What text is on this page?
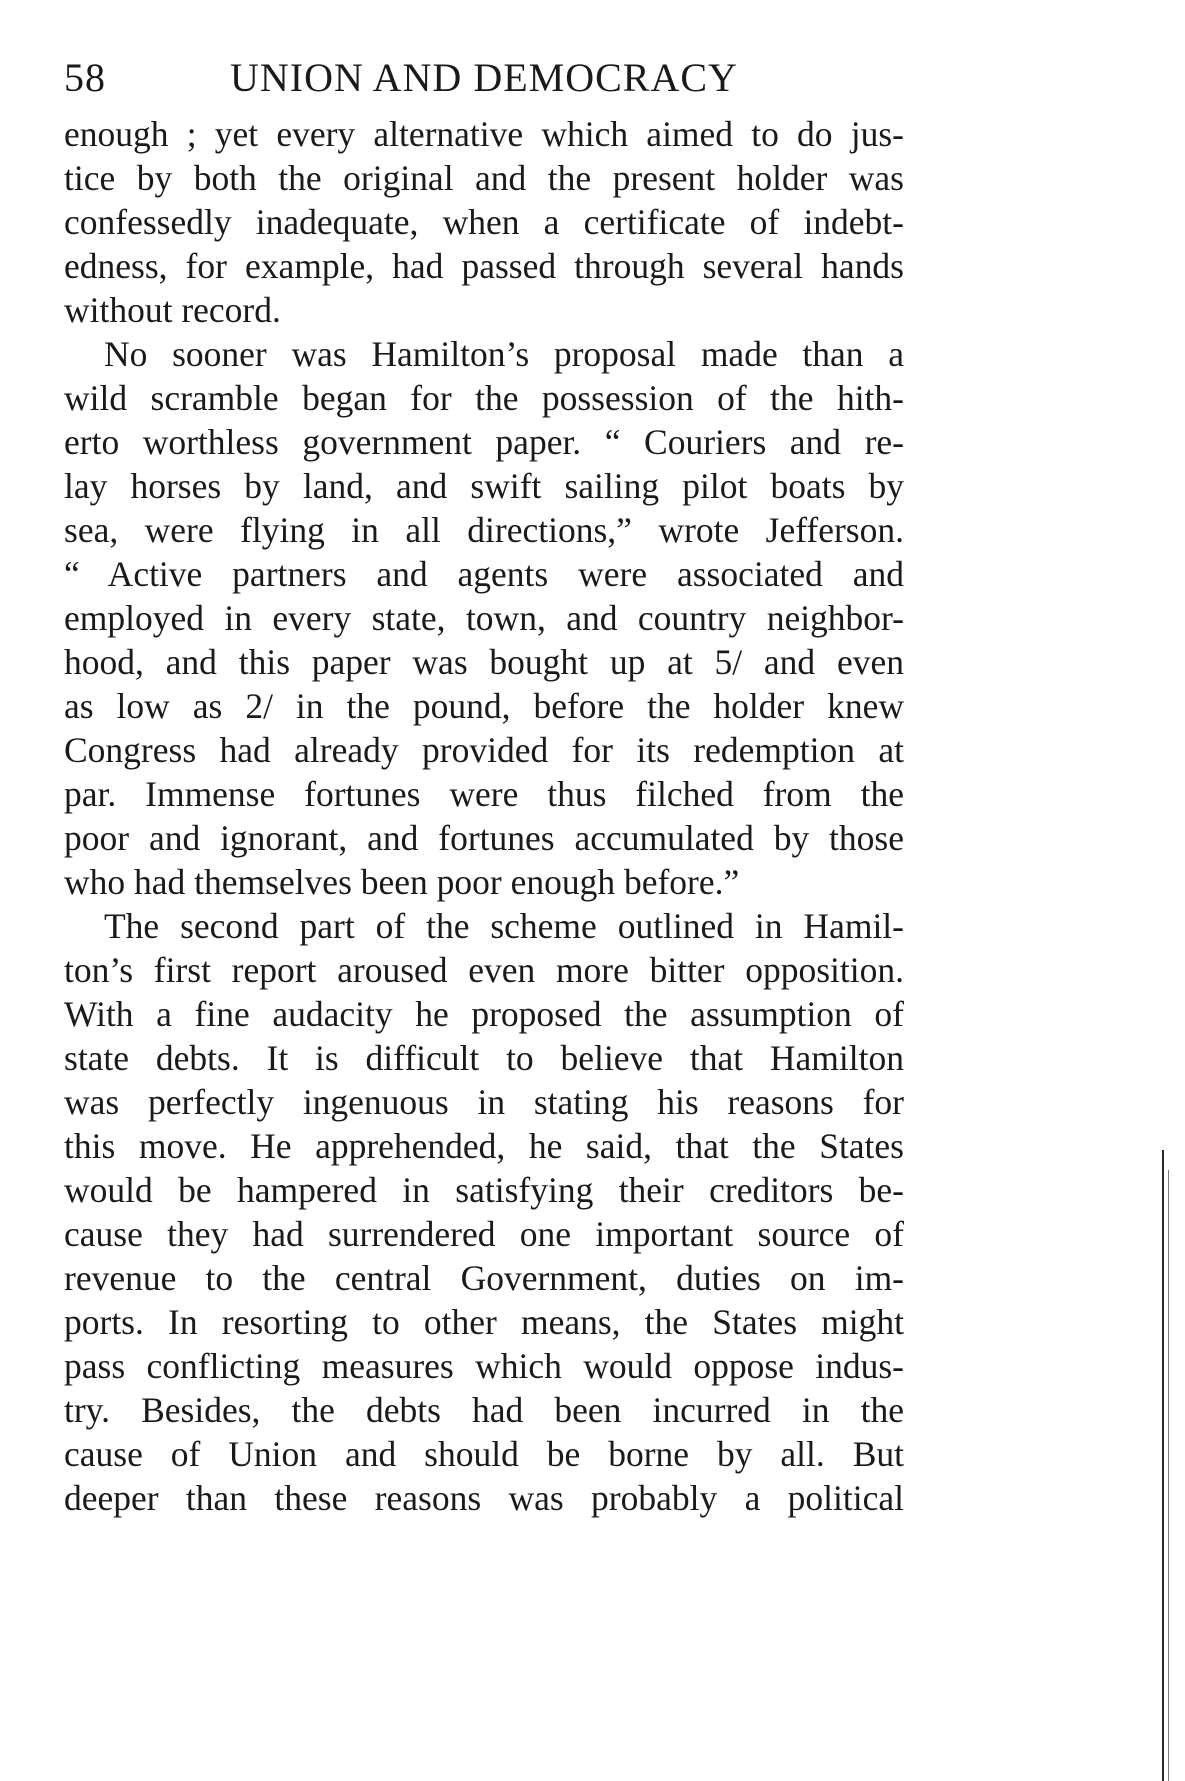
58	UNION AND DEMOCRACY
enough ; yet every alternative which aimed to do jus-
tice by both the original and the present holder was
confessedly inadequate, when a certificate of indebt-
edness, for example, had passed through several hands
without record.
No sooner was Hamilton’s proposal made than a
wild scramble began for the possession of the hith-
erto worthless government paper. “ Couriers and re-
lay horses by land, and swift sailing pilot boats by
sea, were flying in all directions,” wrote Jefferson.
“ Active partners and agents were associated and
employed in every state, town, and country neighbor-
hood, and this paper was bought up at 5/ and even
as low as 2/ in the pound, before the holder knew
Congress had already provided for its redemption at
par. Immense fortunes were thus filched from the
poor and ignorant, and fortunes accumulated by those
who had themselves been poor enough before.”
The second part of the scheme outlined in Hamil-
ton’s first report aroused even more bitter opposition.
With a fine audacity he proposed the assumption of
state debts. It is difficult to believe that Hamilton
was perfectly ingenuous in stating his reasons for
this move. He apprehended, he said, that the States
would be hampered in satisfying their creditors be-
cause they had surrendered one important source of
revenue to the central Government, duties on im-
ports. In resorting to other means, the States might
pass conflicting measures which would oppose indus-
try. Besides, the debts had been incurred in the
cause of Union and should be borne by all. But
deeper than these reasons was probably a political
